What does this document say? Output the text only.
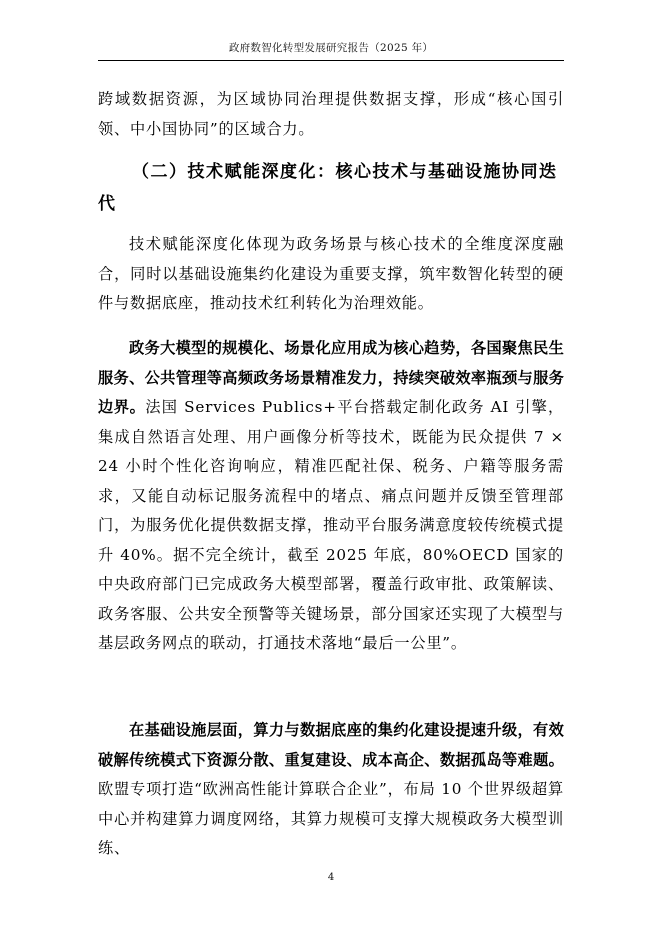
政府数智化转型发展研究报告（2025 年）

跨域数据资源，为区域协同治理提供数据支撑，形成“核心国引领、中小国协同”的区域合力。

（二）技术赋能深度化：核心技术与基础设施协同迭代

技术赋能深度化体现为政务场景与核心技术的全维度深度融合，同时以基础设施集约化建设为重要支撑，筑牢数智化转型的硬件与数据底座，推动技术红利转化为治理效能。

政务大模型的规模化、场景化应用成为核心趋势，各国聚焦民生服务、公共管理等高频政务场景精准发力，持续突破效率瓶颈与服务边界。法国 Services Publics+平台搭载定制化政务 AI 引擎，集成自然语言处理、用户画像分析等技术，既能为民众提供 7 × 24 小时个性化咨询响应，精准匹配社保、税务、户籍等服务需求，又能自动标记服务流程中的堵点、痛点问题并反馈至管理部门，为服务优化提供数据支撑，推动平台服务满意度较传统模式提升 40%。据不完全统计，截至 2025 年底，80%OECD 国家的中央政府部门已完成政务大模型部署，覆盖行政审批、政策解读、政务客服、公共安全预警等关键场景，部分国家还实现了大模型与基层政务网点的联动，打通技术落地“最后一公里”。

在基础设施层面，算力与数据底座的集约化建设提速升级，有效破解传统模式下资源分散、重复建设、成本高企、数据孤岛等难题。欧盟专项打造“欧洲高性能计算联合企业”，布局 10 个世界级超算中心并构建算力调度网络，其算力规模可支撑大规模政务大模型训练、

4
